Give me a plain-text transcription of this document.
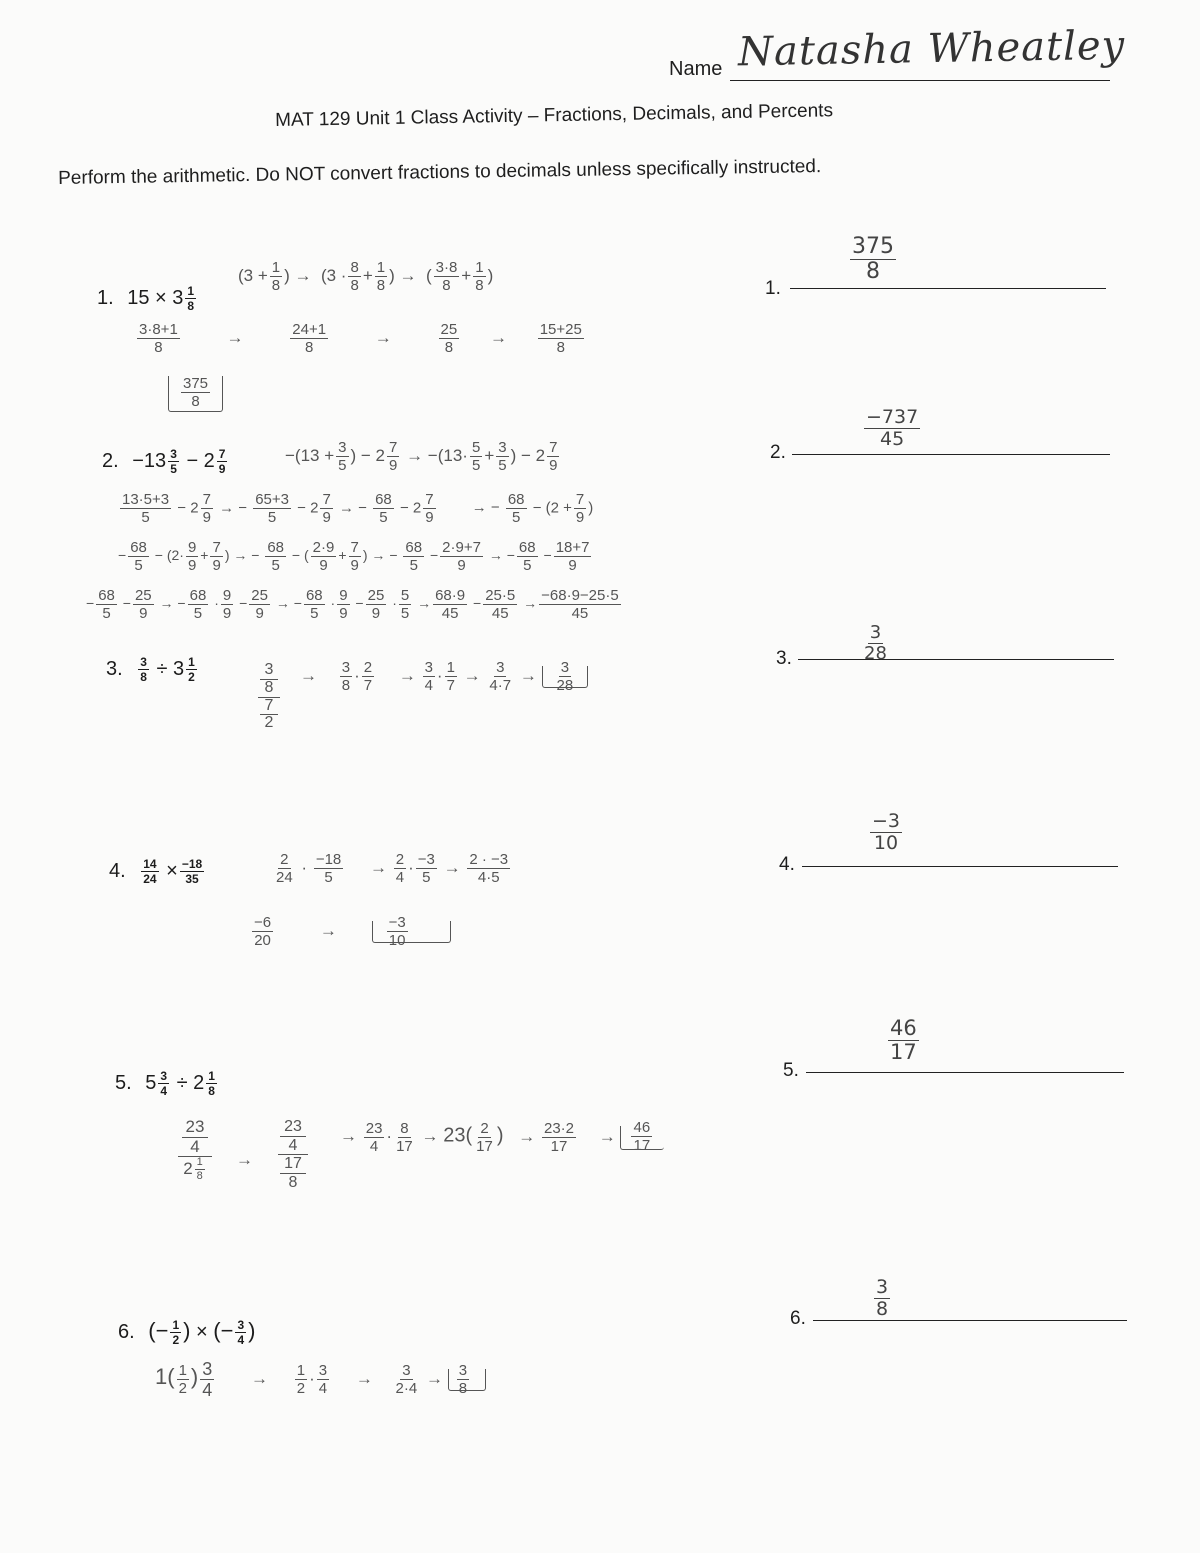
Name Natasha Wheatley
MAT 129 Unit 1 Class Activity – Fractions, Decimals, and Percents
Perform the arithmetic. Do NOT convert fractions to decimals unless specifically instructed.
1. $15 \times 3 \frac{1}{8}$
($3 + \frac{1}{8}$ ) → ($3 \cdot \frac{8}{8} + \frac{1}{8}$ ) → ( $\frac{3\cdot 8}{8} + \frac{1}{8}$ )
$\frac{3\cdot 8+1}{8}$	→	$\frac{24+1}{8}$	→	$\frac{25}{8} \to \frac{15+25}{8}$
$\frac{375}{8}$
1.
$\frac{375}{8}$
2. $-13 \frac{3}{5} - 2 \frac{7}{9}$	$-(13 + \frac{3}{5}$ ) − $2 \frac{7}{9} \to -(13\cdot \frac{5}{5} + \frac{3}{5}$ ) − $2 \frac{7}{9}$
$\frac{13\cdot 5+3}{5} - 2 \frac{7}{9}$ → − $\frac{65+3}{5} - 2 \frac{7}{9}$ → − $\frac{68}{5} - 2 \frac{7}{9}$ → − $\frac{68}{5} - (2 + \frac{7}{9}$ )
− $\frac{68}{5} - (2\cdot \frac{9}{9} + \frac{7}{9}$ ) → − $\frac{68}{5}$ − ( $\frac{2\cdot 9}{9} + \frac{7}{9}$ ) → − $\frac{68}{5} - \frac{2\cdot 9+7}{9}$ → − $\frac{68}{5} - \frac{18+7}{9}$
− $\frac{68}{5} - \frac{25}{9}$ → − $\frac{68}{5} \cdot \frac{9}{9} - \frac{25}{9}$ → − $\frac{68}{5} \cdot \frac{9}{9} - \frac{25}{9} \cdot \frac{5}{5} \to \frac{68\cdot 9}{45} - \frac{25\cdot 5}{45} \to \frac{-68\cdot 9-25\cdot 5}{45}$
2.
$\frac{-737}{45}$
3. $\frac{3}{8} \div 3 \frac{1}{2}$	3
8
7
2
→ $\frac{3}{8} \cdot \frac{2}{7} \to \frac{3}{4} \cdot \frac{1}{7} \to \frac{3}{4\cdot 7} \to \frac{3}{28}$
3.	$\frac{3}{28}$
4. $\frac{14}{24} \times \frac{-18}{35}$	$\frac{2}{24} \cdot \frac{-18}{5} \to \frac{2}{4} \cdot \frac{-3}{5} \to \frac{2 \cdot -3}{4\cdot 5}$
$\frac{-6}{20}$	→	$\frac{-3}{10}$
4.
$\frac{-3}{10}$
5. $5 \frac{3}{4} \div 2 \frac{1}{8}$
23
4
$2 \frac{1}{8}$ →
23
4
17
8
→ $\frac{23}{4} \cdot \frac{8}{17} \to 23( \frac{2}{17}$ ) → $\frac{23\cdot 2}{17} \to \frac{46}{17}$
5.
$\frac{46}{17}$
6. (− $\frac{1}{2}$ ) × (− $\frac{3}{4}$ )
$1( \frac{1}{2}$ ) $\frac{3}{4} \to \frac{1}{2} \cdot \frac{3}{4} \to \frac{3}{2\cdot 4} \to \frac{3}{8}$
6.	$\frac{3}{8}$
